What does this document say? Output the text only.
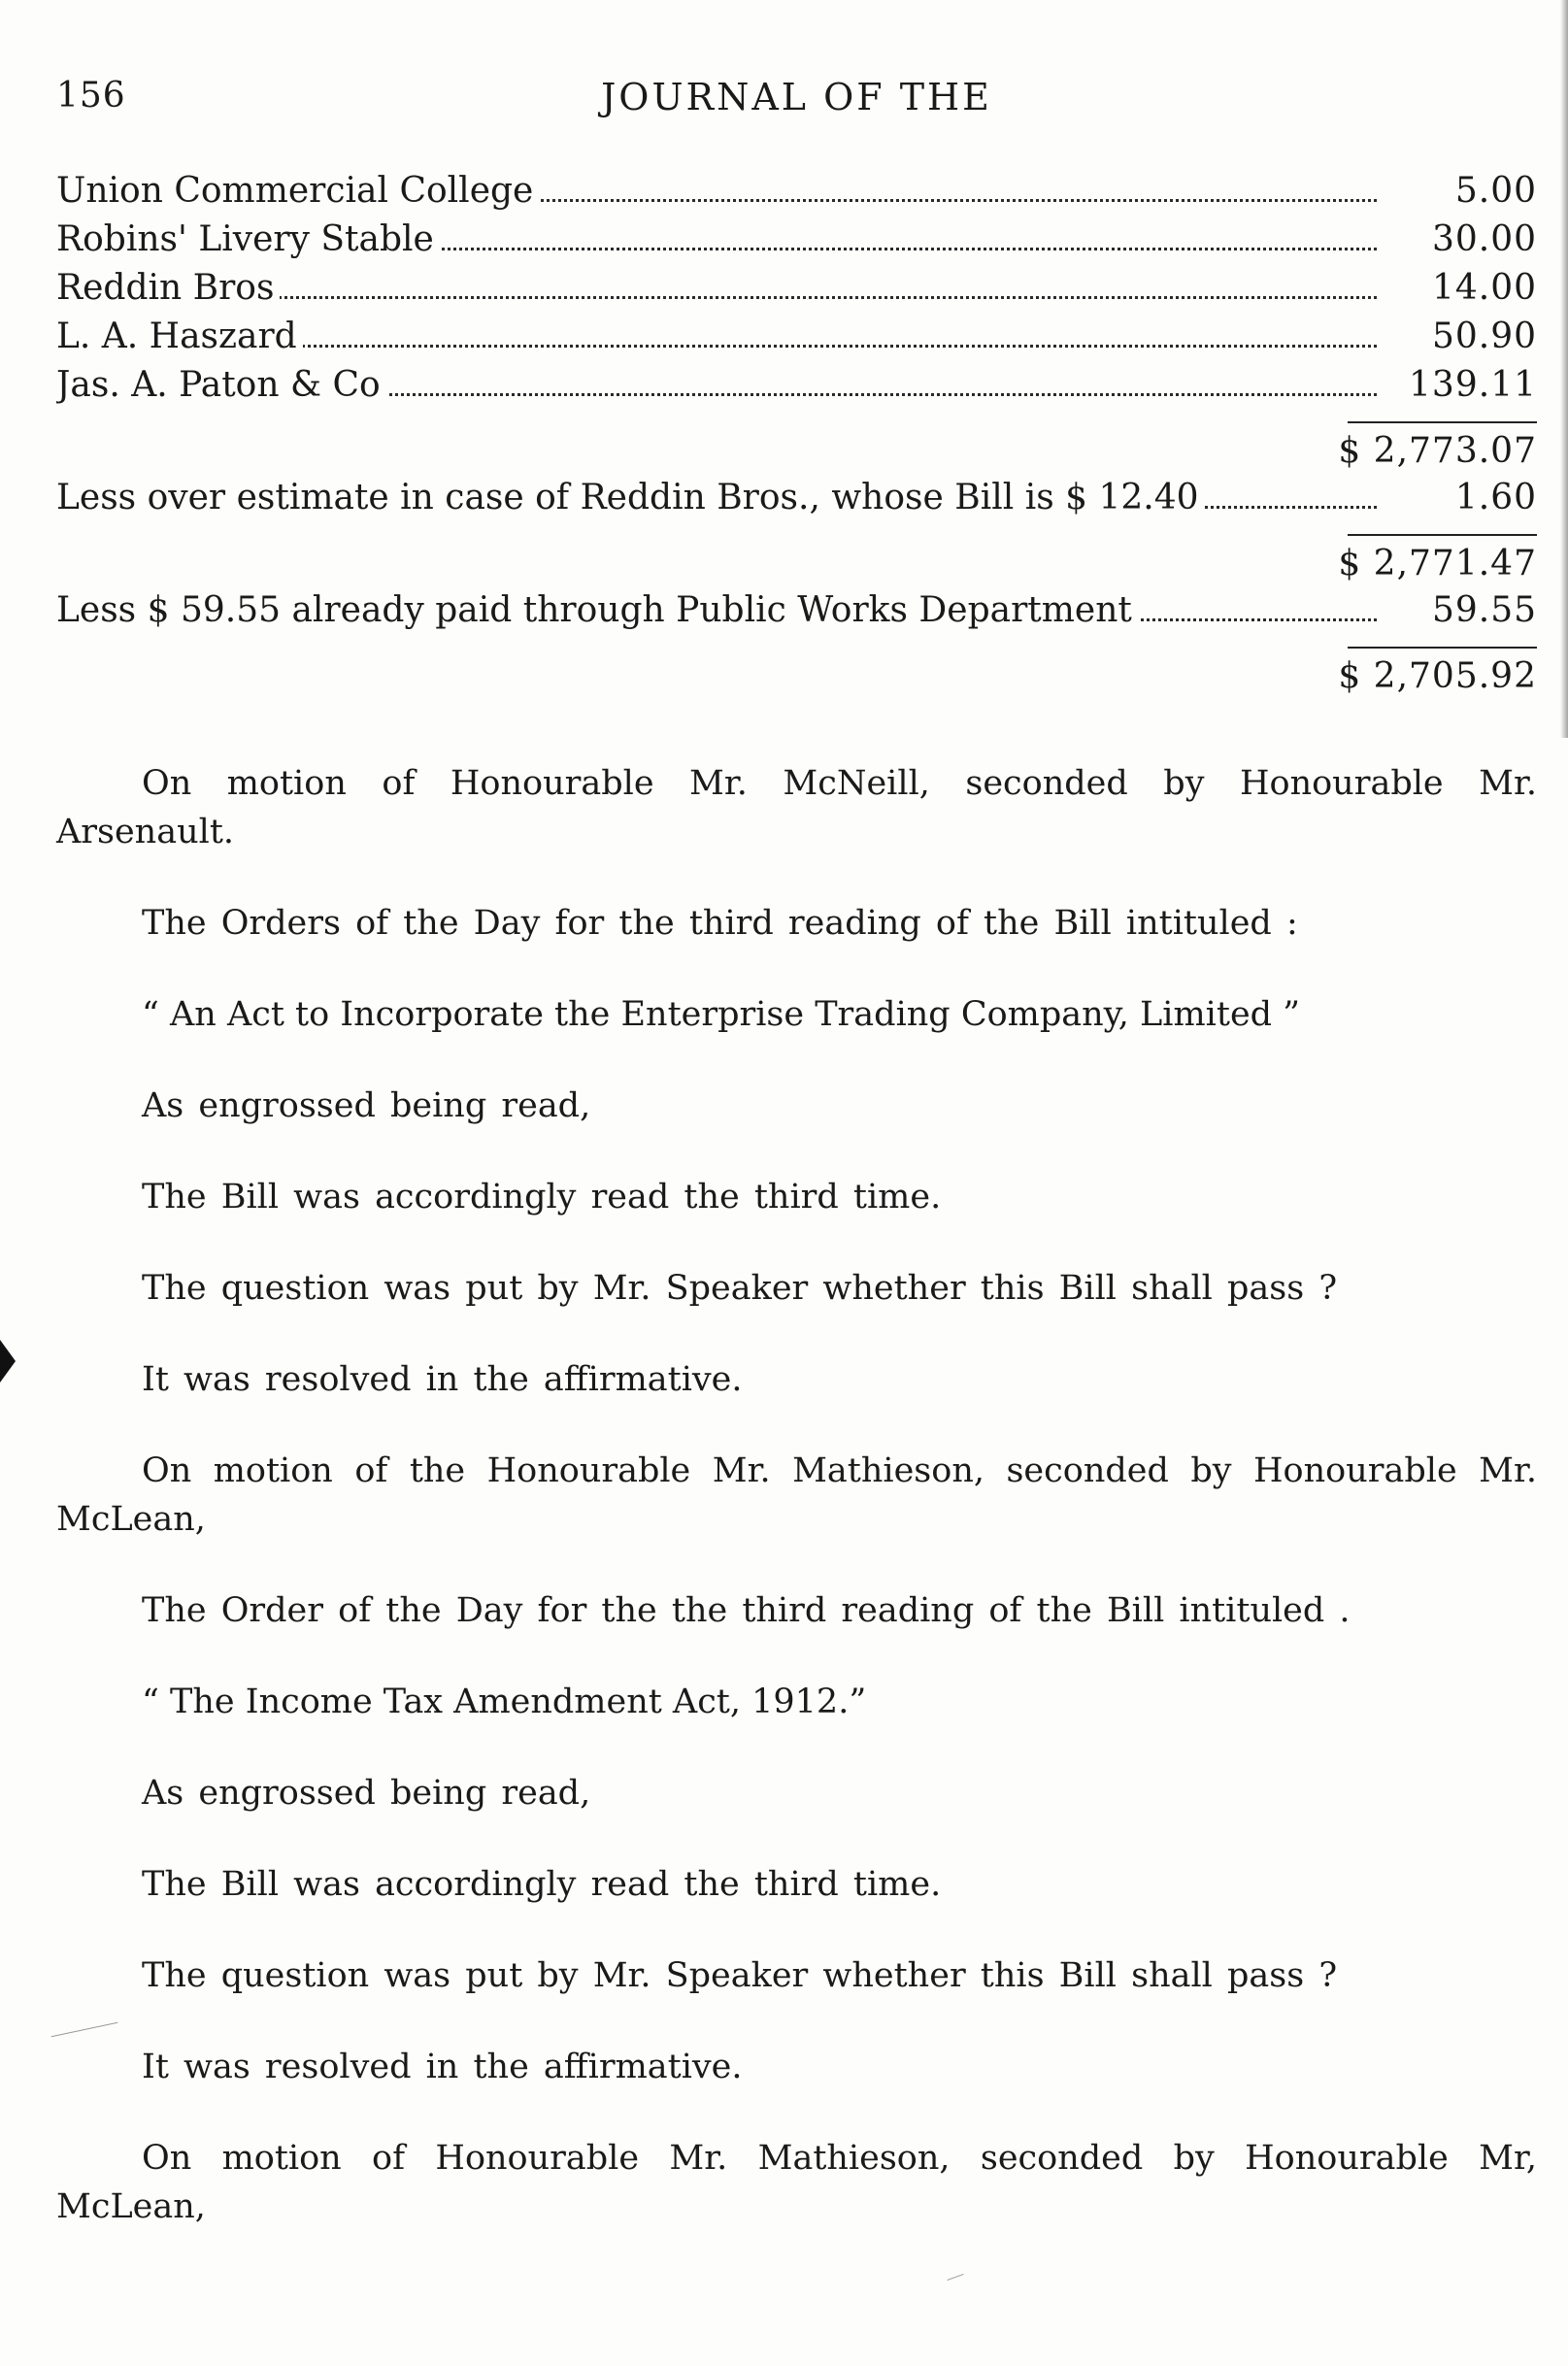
156	JOURNAL OF THE
Union Commercial College	5.00
Robins' Livery Stable	30.00
Reddin Bros	14.00
L. A. Haszard	50.90
Jas. A. Paton & Co	139.11
$ 2,773.07
Less over estimate in case of Reddin Bros., whose Bill is $ 12.40	1.60
$ 2,771.47
Less $ 59.55 already paid through Public Works Department	59.55
$ 2,705.92

On motion of Honourable Mr. McNeill, seconded by Honourable Mr. Arsenault.

The Orders of the Day for the third reading of the Bill intituled :

“ An Act to Incorporate the Enterprise Trading Company, Limited ”

As engrossed being read,

The Bill was accordingly read the third time.

The question was put by Mr. Speaker whether this Bill shall pass ?

It was resolved in the affirmative.

On motion of the Honourable Mr. Mathieson, seconded by Honourable Mr. McLean,

The Order of the Day for the the third reading of the Bill intituled .

“ The Income Tax Amendment Act, 1912.”

As engrossed being read,

The Bill was accordingly read the third time.

The question was put by Mr. Speaker whether this Bill shall pass ?

It was resolved in the affirmative.

On motion of Honourable Mr. Mathieson, seconded by Honourable Mr, McLean,
